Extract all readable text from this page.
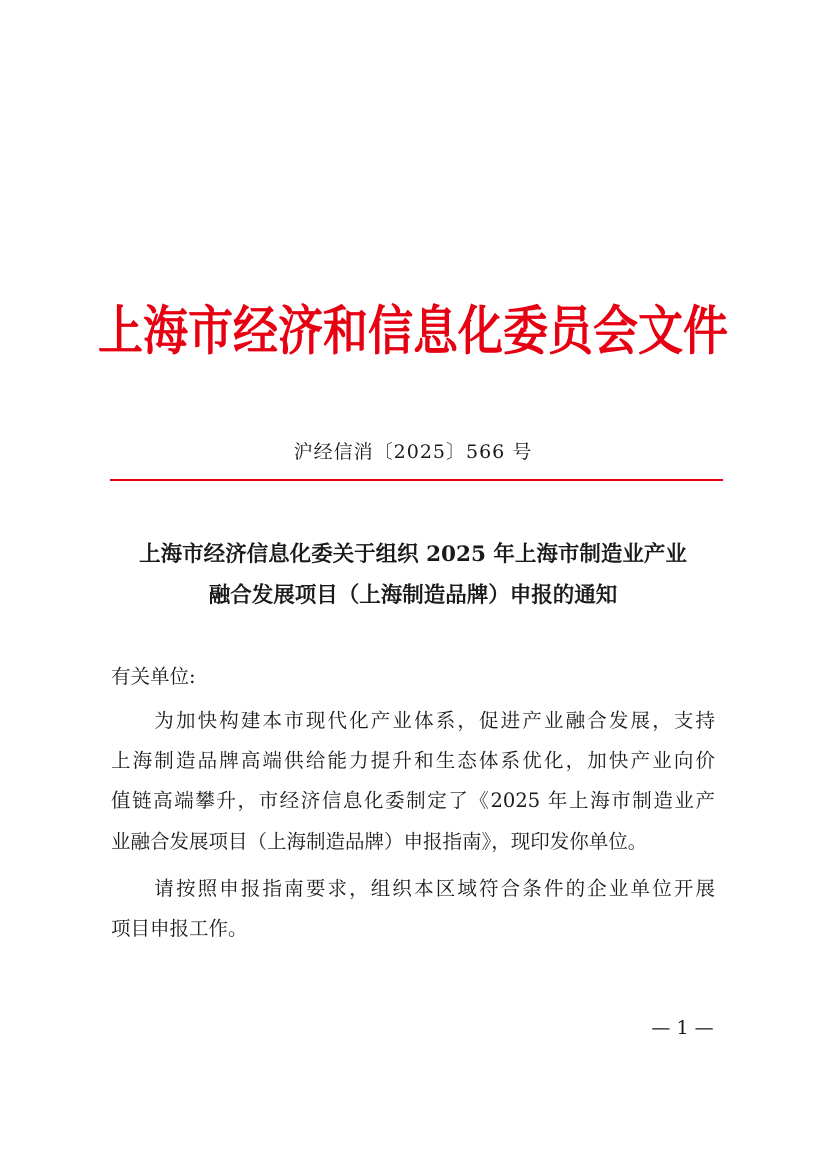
上海市经济和信息化委员会文件
沪经信消〔2025〕566 号
上海市经济信息化委关于组织 2025 年上海市制造业产业
融合发展项目（上海制造品牌）申报的通知
有关单位:
　　为加快构建本市现代化产业体系，促进产业融合发展，支持
上海制造品牌高端供给能力提升和生态体系优化，加快产业向价
值链高端攀升，市经济信息化委制定了《2025 年上海市制造业产
业融合发展项目（上海制造品牌）申报指南》，现印发你单位。
　　请按照申报指南要求，组织本区域符合条件的企业单位开展
项目申报工作。
— 1 —
